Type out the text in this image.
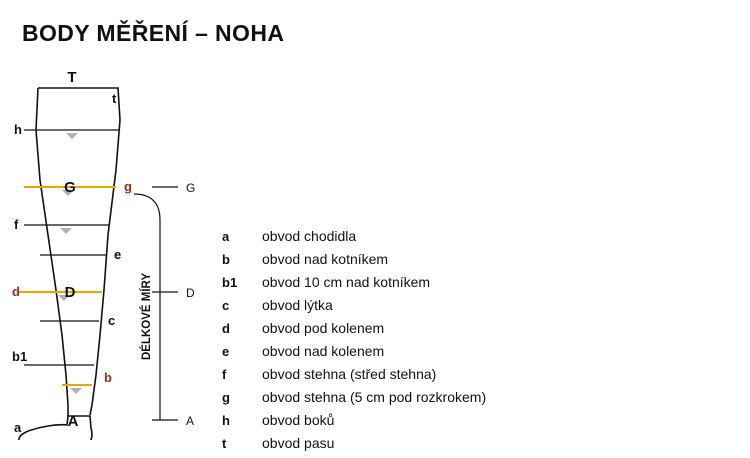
BODY MĚŘENÍ – NOHA
T
G
D
A
G
D
A
DÉLKOVÉ MÍRY
h
t
g
f
e
d
c
b1
b
a
a	obvod chodidla
b	obvod nad kotníkem
b1	obvod 10 cm nad kotníkem
c	obvod lýtka
d	obvod pod kolenem
e	obvod nad kolenem
f	obvod stehna (střed stehna)
g	obvod stehna (5 cm pod rozkrokem)
h	obvod boků
t	obvod pasu
